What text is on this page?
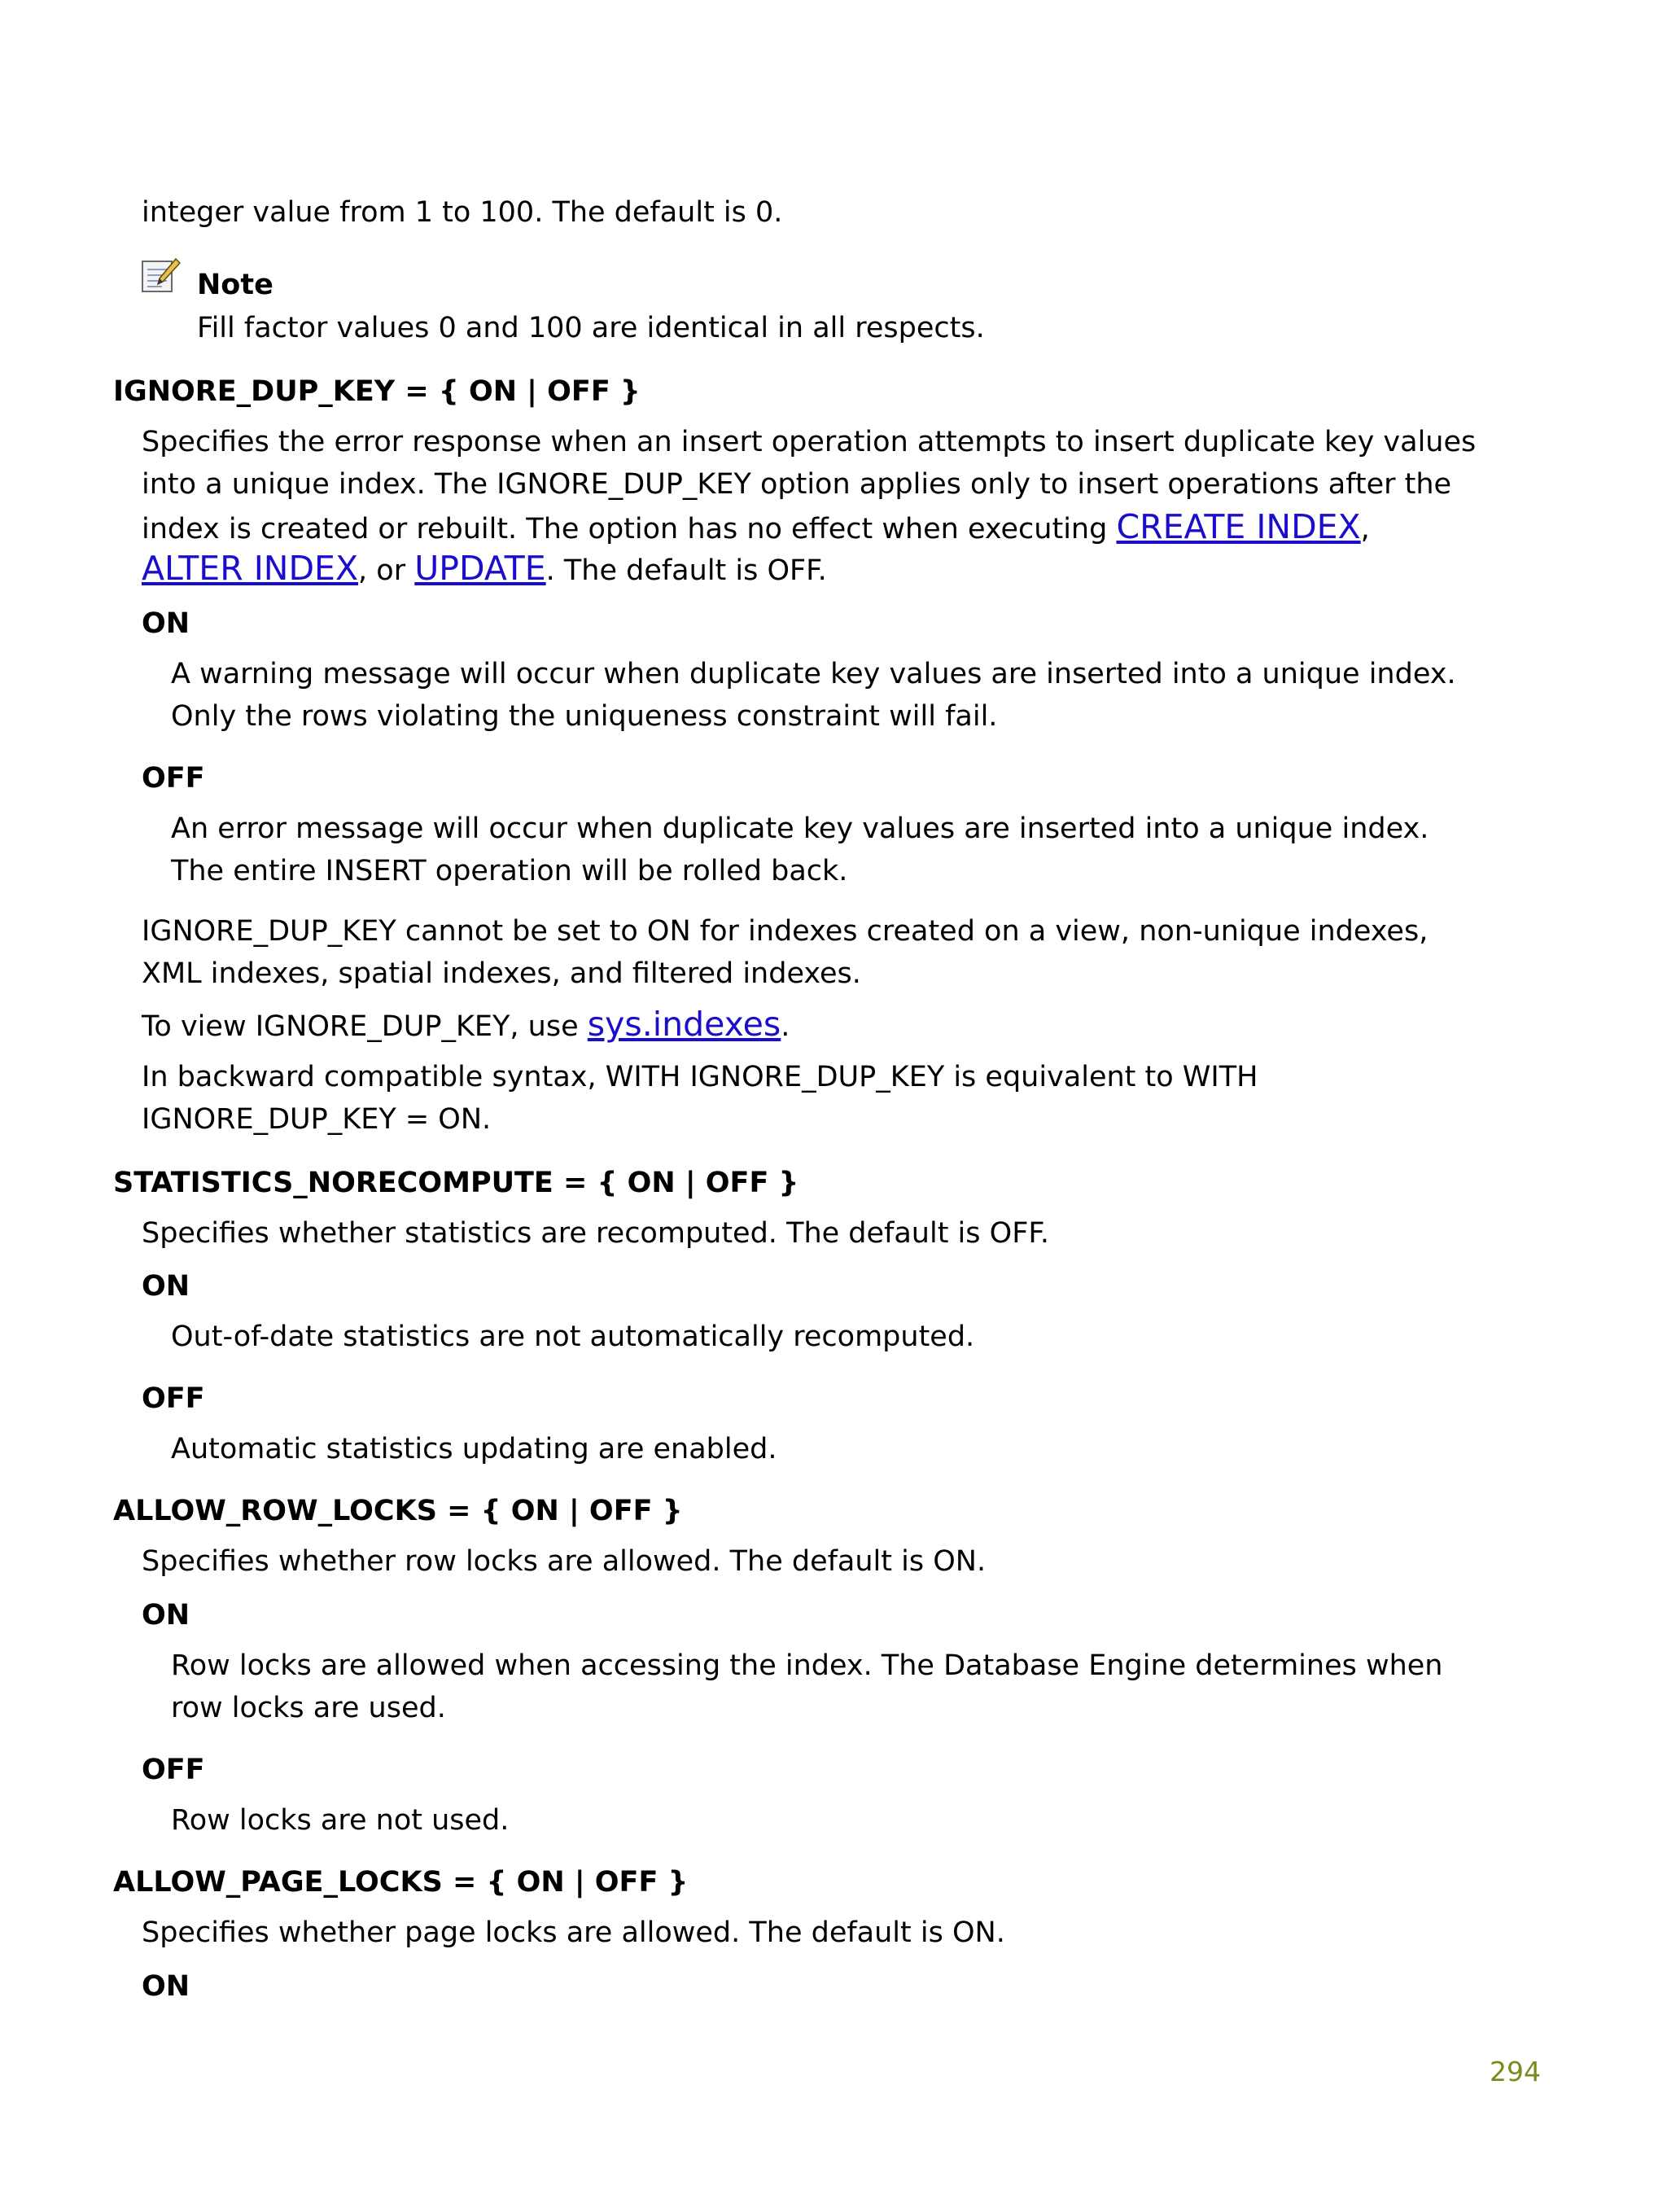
integer value from 1 to 100. The default is 0.
Note
Fill factor values 0 and 100 are identical in all respects.
IGNORE_DUP_KEY = { ON | OFF }
Specifies the error response when an insert operation attempts to insert duplicate key values
into a unique index. The IGNORE_DUP_KEY option applies only to insert operations after the
index is created or rebuilt. The option has no effect when executing CREATE INDEX,
ALTER INDEX, or UPDATE. The default is OFF.
ON
A warning message will occur when duplicate key values are inserted into a unique index.
Only the rows violating the uniqueness constraint will fail.
OFF
An error message will occur when duplicate key values are inserted into a unique index.
The entire INSERT operation will be rolled back.
IGNORE_DUP_KEY cannot be set to ON for indexes created on a view, non-unique indexes,
XML indexes, spatial indexes, and filtered indexes.
To view IGNORE_DUP_KEY, use sys.indexes.
In backward compatible syntax, WITH IGNORE_DUP_KEY is equivalent to WITH
IGNORE_DUP_KEY = ON.
STATISTICS_NORECOMPUTE = { ON | OFF }
Specifies whether statistics are recomputed. The default is OFF.
ON
Out-of-date statistics are not automatically recomputed.
OFF
Automatic statistics updating are enabled.
ALLOW_ROW_LOCKS = { ON | OFF }
Specifies whether row locks are allowed. The default is ON.
ON
Row locks are allowed when accessing the index. The Database Engine determines when
row locks are used.
OFF
Row locks are not used.
ALLOW_PAGE_LOCKS = { ON | OFF }
Specifies whether page locks are allowed. The default is ON.
ON
294
